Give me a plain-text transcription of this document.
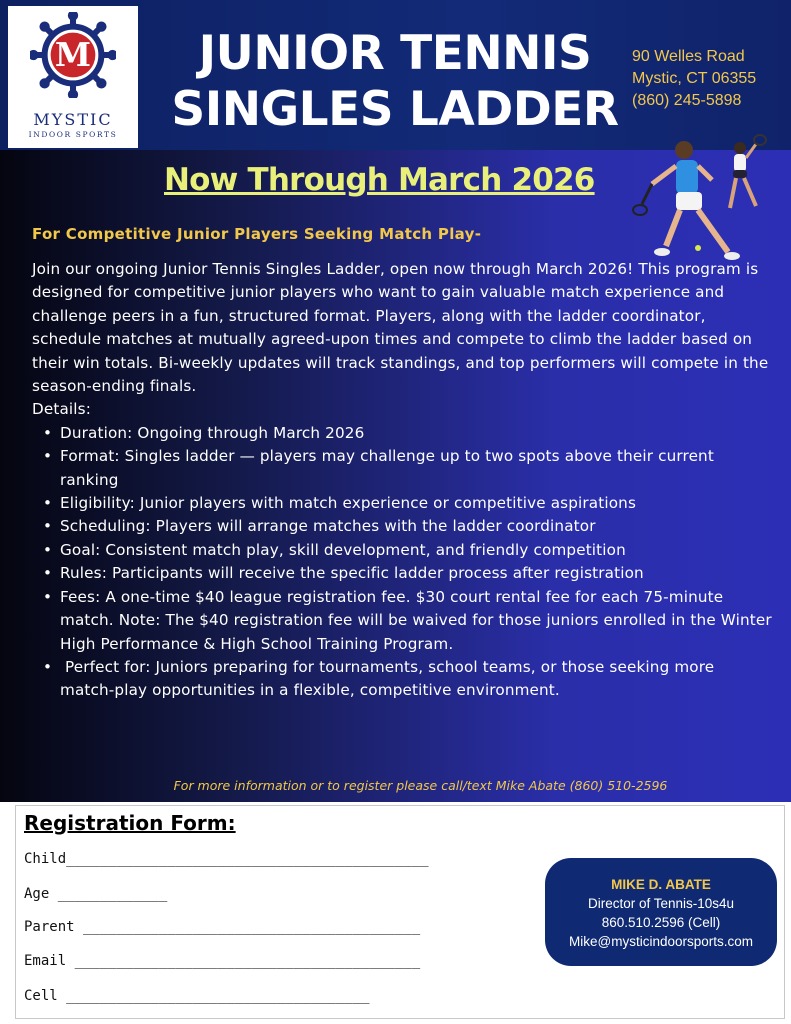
M
MYSTIC
INDOOR SPORTS
JUNIOR TENNIS
SINGLES LADDER
90 Welles Road
Mystic, CT 06355
(860) 245-5898
Now Through March 2026
For Competitive Junior Players Seeking Match Play-

Join our ongoing Junior Tennis Singles Ladder, open now through March 2026! This program is designed for competitive junior players who want to gain valuable match experience and challenge peers in a fun, structured format. Players, along with the ladder coordinator, schedule matches at mutually agreed-upon times and compete to climb the ladder based on their win totals. Bi-weekly updates will track standings, and top performers will compete in the season-ending finals.

Details:

• Duration: Ongoing through March 2026
• Format: Singles ladder — players may challenge up to two spots above their current ranking
• Eligibility: Junior players with match experience or competitive aspirations
• Scheduling: Players will arrange matches with the ladder coordinator
• Goal: Consistent match play, skill development, and friendly competition
• Rules: Participants will receive the specific ladder process after registration
• Fees: A one-time $40 league registration fee. $30 court rental fee for each 75-minute match. Note: The $40 registration fee will be waived for those juniors enrolled in the Winter High Performance & High School Training Program.
•  Perfect for: Juniors preparing for tournaments, school teams, or those seeking more match-play opportunities in a flexible, competitive environment.
For more information or to register please call/text Mike Abate (860) 510-2596
Registration Form:
Child___________________________________________
Age _____________
Parent ________________________________________
Email _________________________________________
Cell ____________________________________
MIKE D. ABATE
Director of Tennis-10s4u
860.510.2596 (Cell)
Mike@mysticindoorsports.com
